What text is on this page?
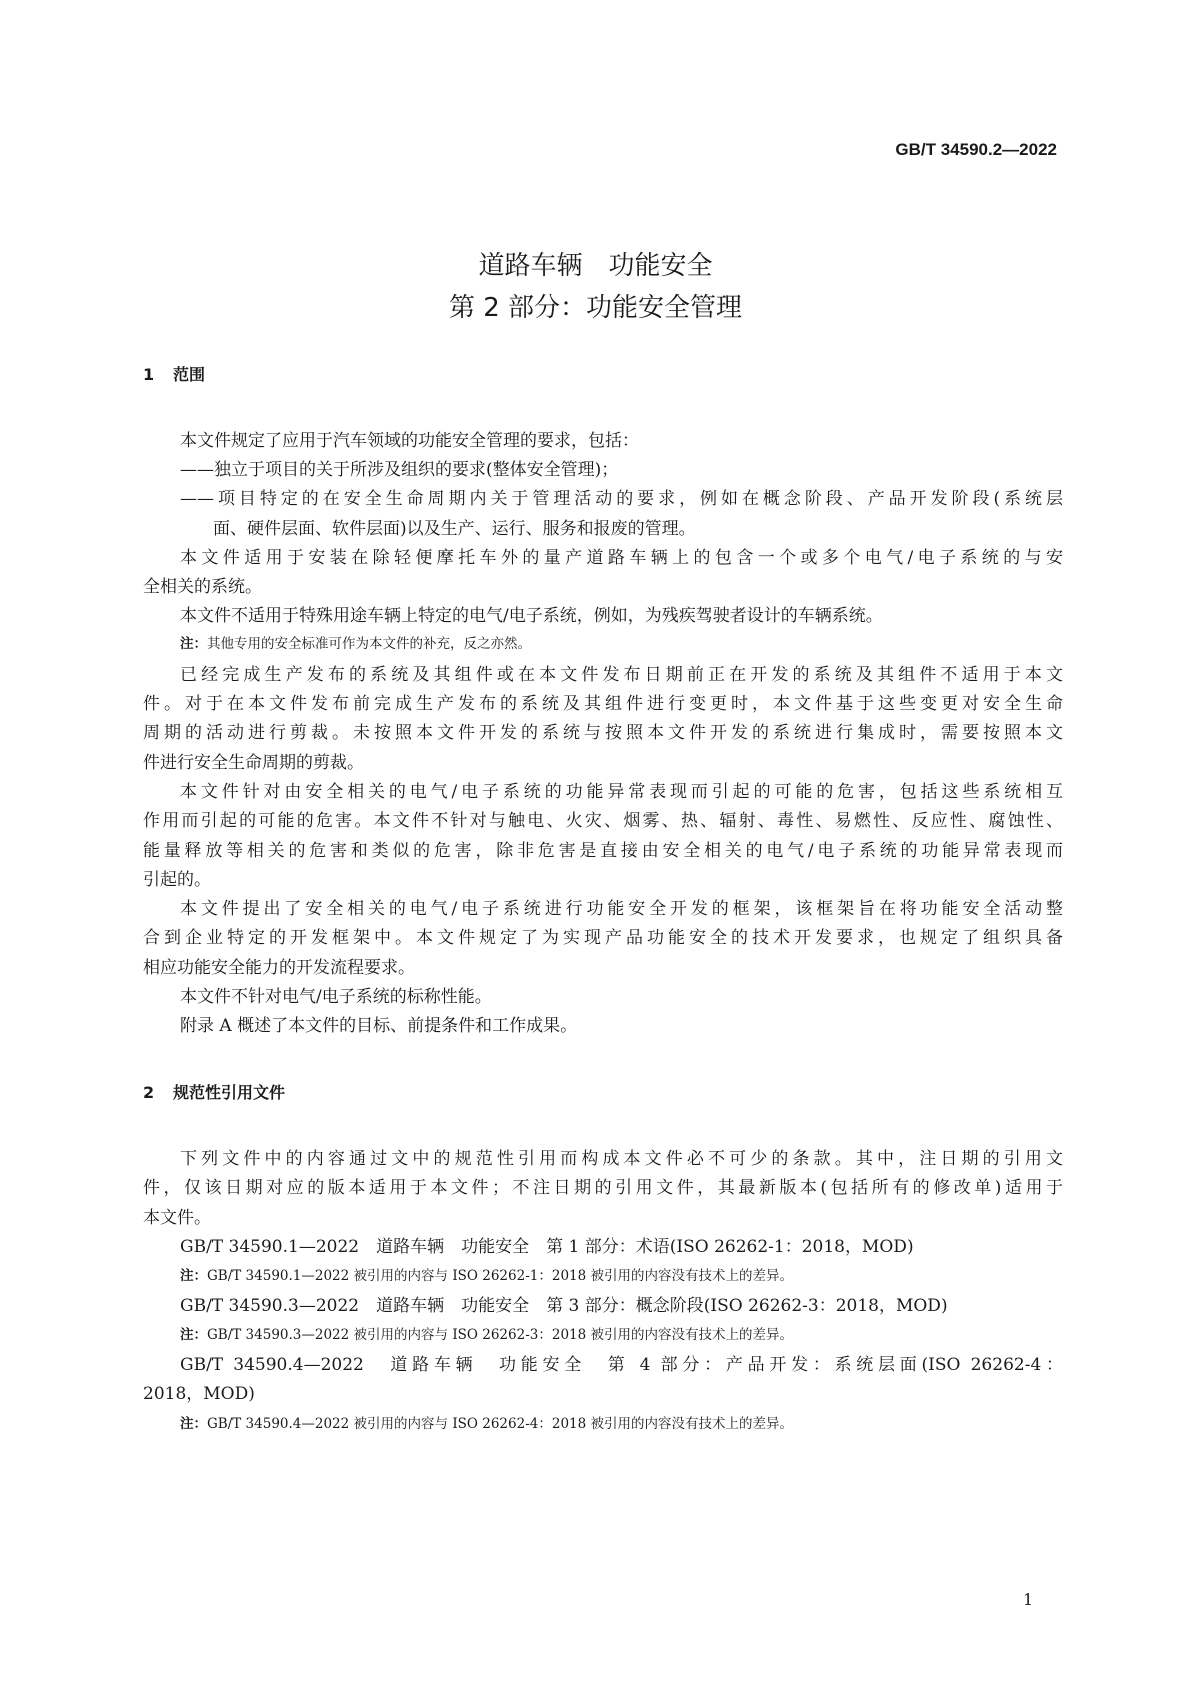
GB/T 34590.2—2022
道路车辆　功能安全
第 2 部分：功能安全管理
1 范围
本文件规定了应用于汽车领域的功能安全管理的要求，包括：
——独立于项目的关于所涉及组织的要求(整体安全管理)；
——项目特定的在安全生命周期内关于管理活动的要求，例如在概念阶段、产品开发阶段(系统层
面、硬件层面、软件层面)以及生产、运行、服务和报废的管理。
本文件适用于安装在除轻便摩托车外的量产道路车辆上的包含一个或多个电气/电子系统的与安
全相关的系统。
本文件不适用于特殊用途车辆上特定的电气/电子系统，例如，为残疾驾驶者设计的车辆系统。
注：其他专用的安全标准可作为本文件的补充，反之亦然。
已经完成生产发布的系统及其组件或在本文件发布日期前正在开发的系统及其组件不适用于本文
件。对于在本文件发布前完成生产发布的系统及其组件进行变更时，本文件基于这些变更对安全生命
周期的活动进行剪裁。未按照本文件开发的系统与按照本文件开发的系统进行集成时，需要按照本文
件进行安全生命周期的剪裁。
本文件针对由安全相关的电气/电子系统的功能异常表现而引起的可能的危害，包括这些系统相互
作用而引起的可能的危害。本文件不针对与触电、火灾、烟雾、热、辐射、毒性、易燃性、反应性、腐蚀性、
能量释放等相关的危害和类似的危害，除非危害是直接由安全相关的电气/电子系统的功能异常表现而
引起的。
本文件提出了安全相关的电气/电子系统进行功能安全开发的框架，该框架旨在将功能安全活动整
合到企业特定的开发框架中。本文件规定了为实现产品功能安全的技术开发要求，也规定了组织具备
相应功能安全能力的开发流程要求。
本文件不针对电气/电子系统的标称性能。
附录 A 概述了本文件的目标、前提条件和工作成果。
2 规范性引用文件
下列文件中的内容通过文中的规范性引用而构成本文件必不可少的条款。其中，注日期的引用文
件，仅该日期对应的版本适用于本文件；不注日期的引用文件，其最新版本(包括所有的修改单)适用于
本文件。
GB/T 34590.1—2022　道路车辆　功能安全　第 1 部分：术语(ISO 26262-1：2018，MOD)
注：GB/T 34590.1—2022 被引用的内容与 ISO 26262-1：2018 被引用的内容没有技术上的差异。
GB/T 34590.3—2022　道路车辆　功能安全　第 3 部分：概念阶段(ISO 26262-3：2018，MOD)
注：GB/T 34590.3—2022 被引用的内容与 ISO 26262-3：2018 被引用的内容没有技术上的差异。
GB/T 34590.4—2022　道路车辆　功能安全　第 4 部分：产品开发：系统层面(ISO 26262-4：
2018，MOD)
注：GB/T 34590.4—2022 被引用的内容与 ISO 26262-4：2018 被引用的内容没有技术上的差异。
1
